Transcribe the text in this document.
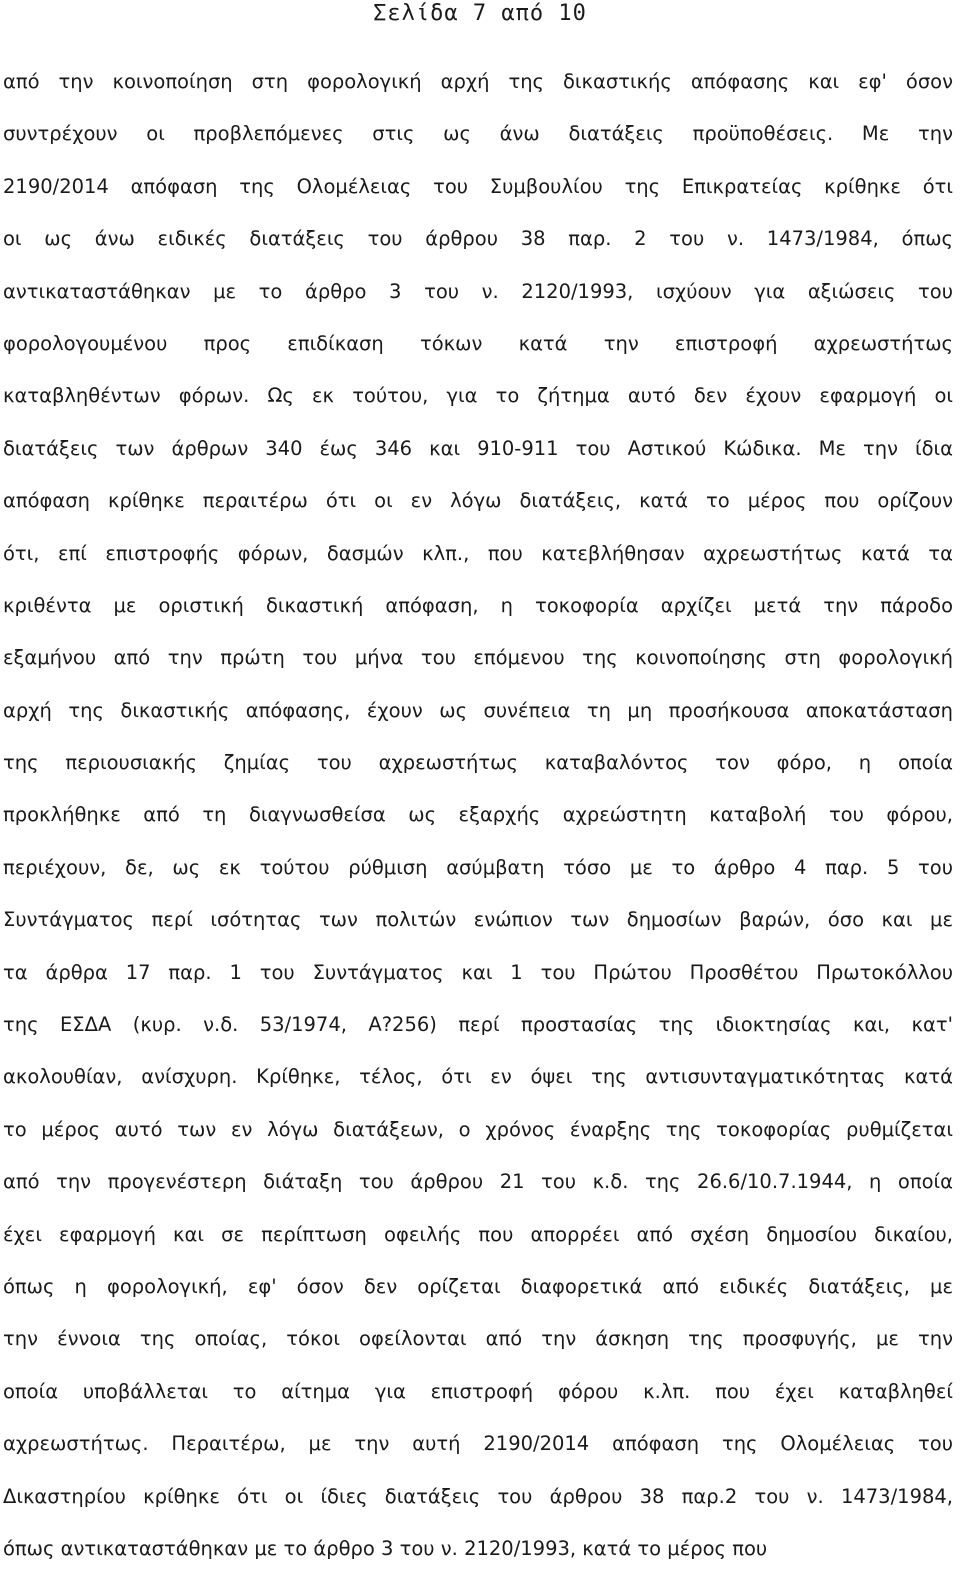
Σελίδα 7 από 10
από την κοινοποίηση στη φορολογική αρχή της δικαστικής απόφασης και εφ' όσον
συντρέχουν οι προβλεπόμενες στις ως άνω διατάξεις προϋποθέσεις. Με την
2190/2014 απόφαση της Ολομέλειας του Συμβουλίου της Επικρατείας κρίθηκε ότι
οι ως άνω ειδικές διατάξεις του άρθρου 38 παρ. 2 του ν. 1473/1984, όπως
αντικαταστάθηκαν με το άρθρο 3 του ν. 2120/1993, ισχύουν για αξιώσεις του
φορολογουμένου προς επιδίκαση τόκων κατά την επιστροφή αχρεωστήτως
καταβληθέντων φόρων. Ως εκ τούτου, για το ζήτημα αυτό δεν έχουν εφαρμογή οι
διατάξεις των άρθρων 340 έως 346 και 910-911 του Αστικού Κώδικα. Με την ίδια
απόφαση κρίθηκε περαιτέρω ότι οι εν λόγω διατάξεις, κατά το μέρος που ορίζουν
ότι, επί επιστροφής φόρων, δασμών κλπ., που κατεβλήθησαν αχρεωστήτως κατά τα
κριθέντα με οριστική δικαστική απόφαση, η τοκοφορία αρχίζει μετά την πάροδο
εξαμήνου από την πρώτη του μήνα του επόμενου της κοινοποίησης στη φορολογική
αρχή της δικαστικής απόφασης, έχουν ως συνέπεια τη μη προσήκουσα αποκατάσταση
της περιουσιακής ζημίας του αχρεωστήτως καταβαλόντος τον φόρο, η οποία
προκλήθηκε από τη διαγνωσθείσα ως εξαρχής αχρεώστητη καταβολή του φόρου,
περιέχουν, δε, ως εκ τούτου ρύθμιση ασύμβατη τόσο με το άρθρο 4 παρ. 5 του
Συντάγματος περί ισότητας των πολιτών ενώπιον των δημοσίων βαρών, όσο και με
τα άρθρα 17 παρ. 1 του Συντάγματος και 1 του Πρώτου Προσθέτου Πρωτοκόλλου
της ΕΣΔΑ (κυρ. ν.δ. 53/1974, Α?256) περί προστασίας της ιδιοκτησίας και, κατ'
ακολουθίαν, ανίσχυρη. Κρίθηκε, τέλος, ότι εν όψει της αντισυνταγματικότητας κατά
το μέρος αυτό των εν λόγω διατάξεων, ο χρόνος έναρξης της τοκοφορίας ρυθμίζεται
από την προγενέστερη διάταξη του άρθρου 21 του κ.δ. της 26.6/10.7.1944, η οποία
έχει εφαρμογή και σε περίπτωση οφειλής που απορρέει από σχέση δημοσίου δικαίου,
όπως η φορολογική, εφ' όσον δεν ορίζεται διαφορετικά από ειδικές διατάξεις, με
την έννοια της οποίας, τόκοι οφείλονται από την άσκηση της προσφυγής, με την
οποία υποβάλλεται το αίτημα για επιστροφή φόρου κ.λπ. που έχει καταβληθεί
αχρεωστήτως. Περαιτέρω, με την αυτή 2190/2014 απόφαση της Ολομέλειας του
Δικαστηρίου κρίθηκε ότι οι ίδιες διατάξεις του άρθρου 38 παρ.2 του ν. 1473/1984,
όπως αντικαταστάθηκαν με το άρθρο 3 του ν. 2120/1993, κατά το μέρος που
